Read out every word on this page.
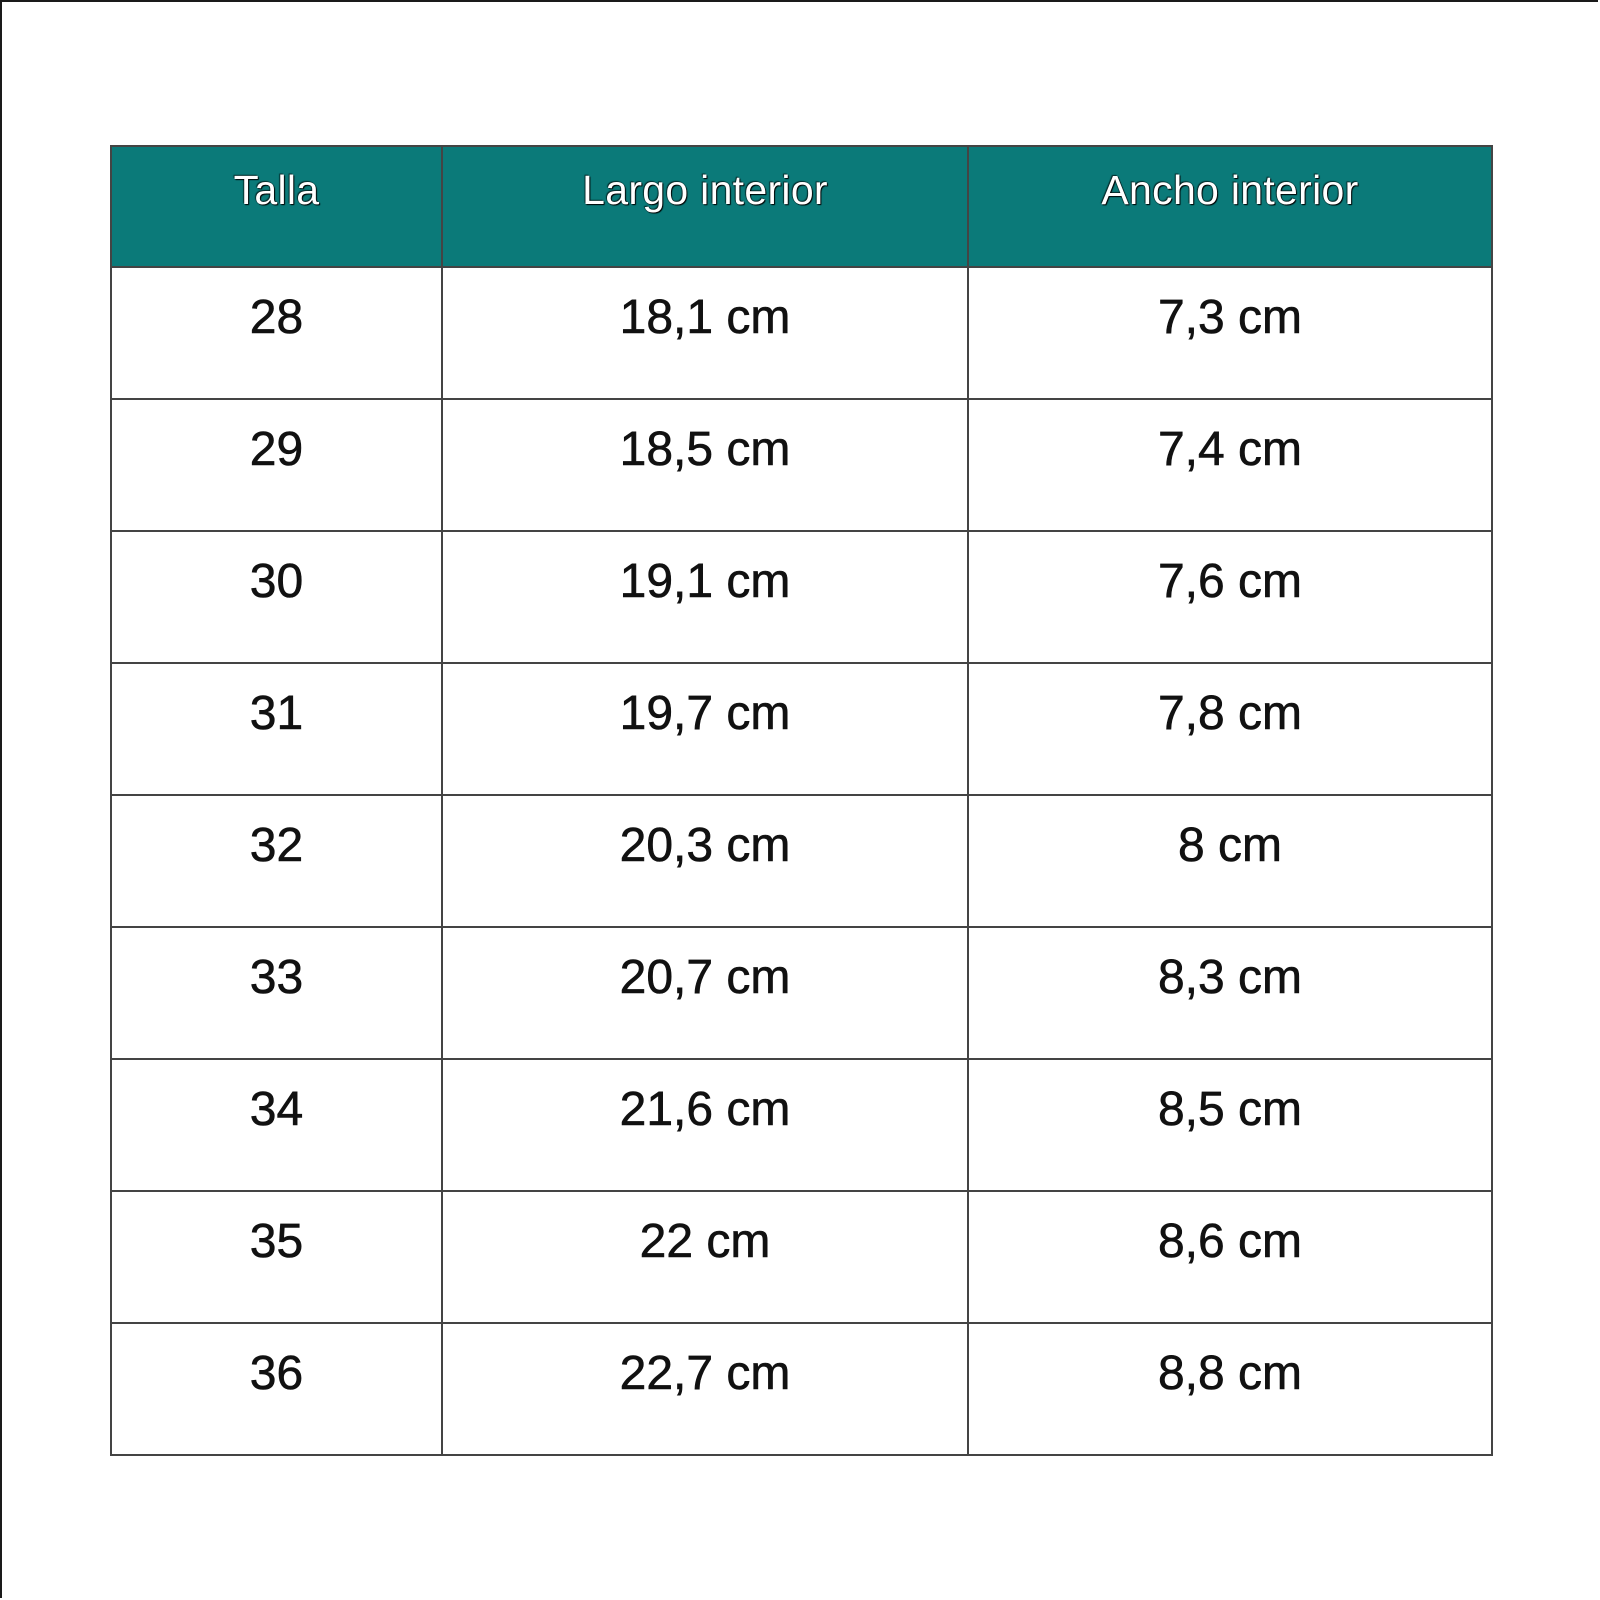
Talla	Largo interior	Ancho interior
28	18,1 cm	7,3 cm
29	18,5 cm	7,4 cm
30	19,1 cm	7,6 cm
31	19,7 cm	7,8 cm
32	20,3 cm	8 cm
33	20,7 cm	8,3 cm
34	21,6 cm	8,5 cm
35	22 cm	8,6 cm
36	22,7 cm	8,8 cm
